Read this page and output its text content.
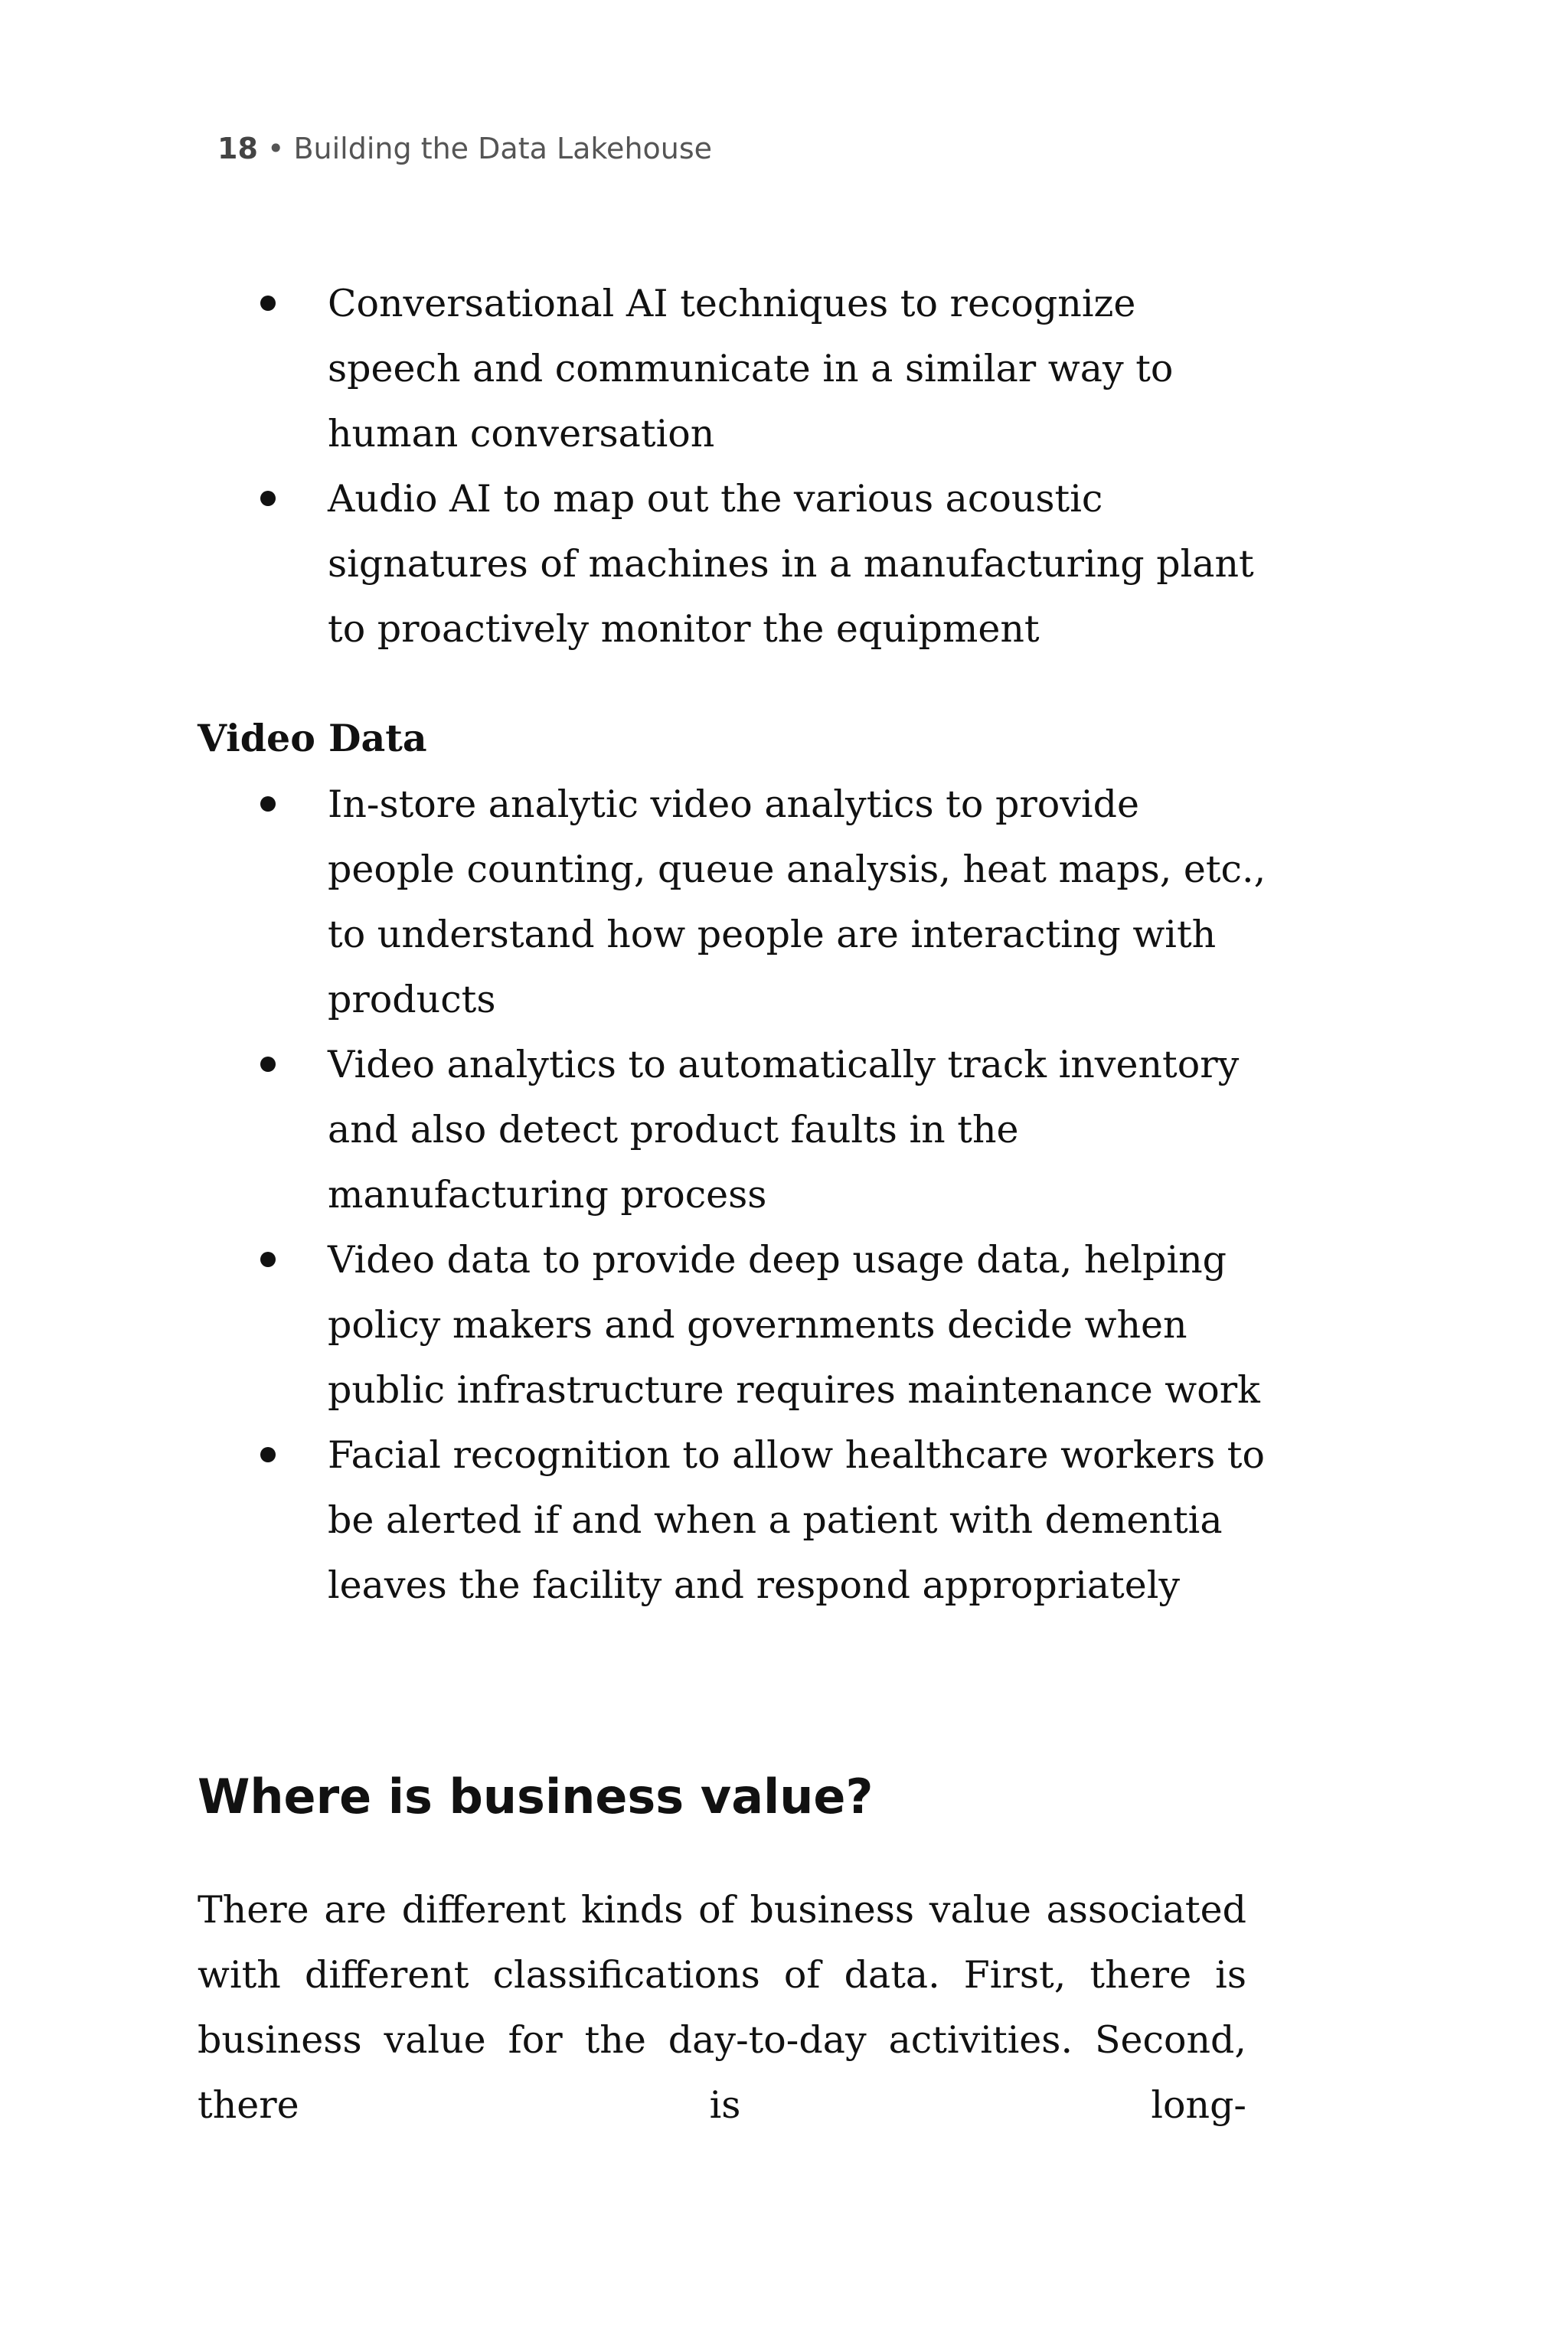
18 • Building the Data Lakehouse
Conversational AI techniques to recognize speech and communicate in a similar way to human conversation
Audio AI to map out the various acoustic signatures of machines in a manufacturing plant to proactively monitor the equipment
Video Data
In-store analytic video analytics to provide people counting, queue analysis, heat maps, etc., to understand how people are interacting with products
Video analytics to automatically track inventory and also detect product faults in the manufacturing process
Video data to provide deep usage data, helping policy makers and governments decide when public infrastructure requires maintenance work
Facial recognition to allow healthcare workers to be alerted if and when a patient with dementia leaves the facility and respond appropriately
Where is business value?

There are different kinds of business value associated with different classifications of data. First, there is business value for the day-to-day activities. Second, there is long-
